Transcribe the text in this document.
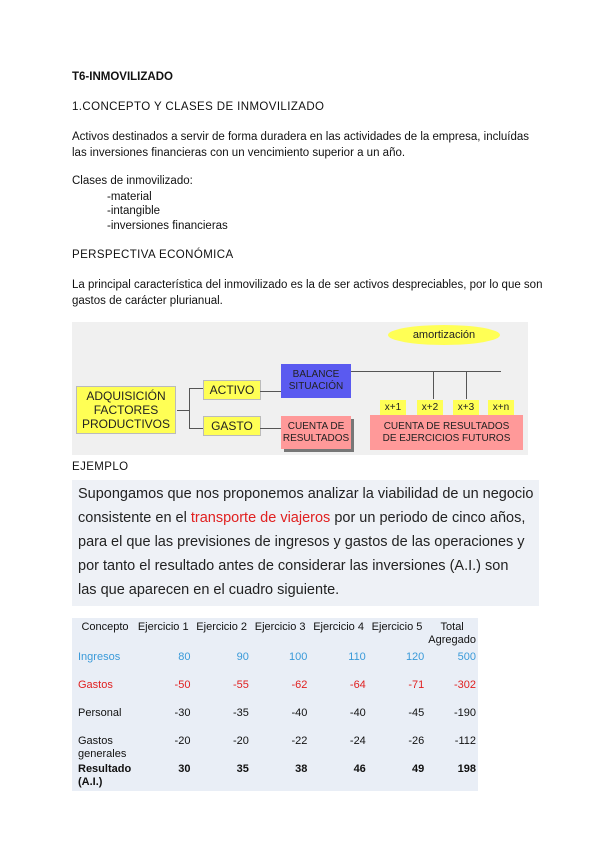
T6-INMOVILIZADO
1.CONCEPTO Y CLASES DE INMOVILIZADO
Activos destinados a servir de forma duradera en las actividades de la empresa, incluídas
las inversiones financieras con un vencimiento superior a un año.
Clases de inmovilizado:
-material
-intangible
-inversiones financieras
PERSPECTIVA ECONÓMICA
La principal característica del inmovilizado es la de ser activos despreciables, por lo que son
gastos de carácter plurianual.
amortización
ADQUISICIÓN FACTORES PRODUCTIVOS
ACTIVO
GASTO
BALANCE SITUACIÓN
CUENTA DE RESULTADOS
x+1	x+2	x+3	x+n
CUENTA DE RESULTADOS DE EJERCICIOS FUTUROS
EJEMPLO
Supongamos que nos proponemos analizar la viabilidad de un negocio
consistente en el transporte de viajeros por un periodo de cinco años,
para el que las previsiones de ingresos y gastos de las operaciones y
por tanto el resultado antes de considerar las inversiones (A.I.) son
las que aparecen en el cuadro siguiente.
Concepto	Ejercicio 1	Ejercicio 2	Ejercicio 3	Ejercicio 4	Ejercicio 5	Total Agregado
Ingresos	80	90	100	110	120	500
Gastos	-50	-55	-62	-64	-71	-302
Personal	-30	-35	-40	-40	-45	-190
Gastos generales	-20	-20	-22	-24	-26	-112
Resultado (A.I.)	30	35	38	46	49	198
